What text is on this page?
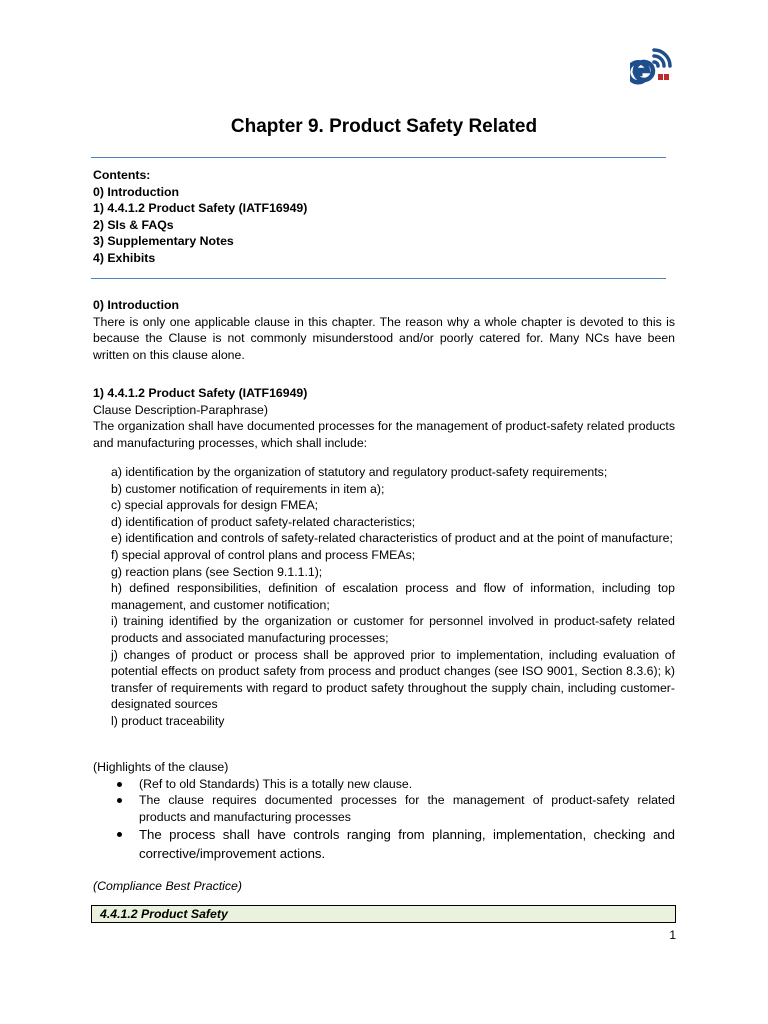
Chapter 9. Product Safety Related

Contents:

0) Introduction

1) 4.4.1.2 Product Safety (IATF16949)

2) SIs & FAQs

3) Supplementary Notes

4) Exhibits

0) Introduction

There is only one applicable clause in this chapter. The reason why a whole chapter is devoted to this is because the Clause is not commonly misunderstood and/or poorly catered for. Many NCs have been written on this clause alone.

1) 4.4.1.2 Product Safety (IATF16949)

Clause Description-Paraphrase)

The organization shall have documented processes for the management of product-safety related products and manufacturing processes, which shall include:

a) identification by the organization of statutory and regulatory product-safety requirements;

b) customer notification of requirements in item a);

c) special approvals for design FMEA;

d) identification of product safety-related characteristics;

e) identification and controls of safety-related characteristics of product and at the point of manufacture;

f) special approval of control plans and process FMEAs;

g) reaction plans (see Section 9.1.1.1);

h) defined responsibilities, definition of escalation process and flow of information, including top management, and customer notification;

i) training identified by the organization or customer for personnel involved in product-safety related products and associated manufacturing processes;

j) changes of product or process shall be approved prior to implementation, including evaluation of potential effects on product safety from process and product changes (see ISO 9001, Section 8.3.6); k) transfer of requirements with regard to product safety throughout the supply chain, including customer-designated sources

l) product traceability

(Highlights of the clause)

(Ref to old Standards) This is a totally new clause.
The clause requires documented processes for the management of product-safety related products and manufacturing processes
The process shall have controls ranging from planning, implementation, checking and corrective/improvement actions.
(Compliance Best Practice)
4.4.1.2 Product Safety
1
